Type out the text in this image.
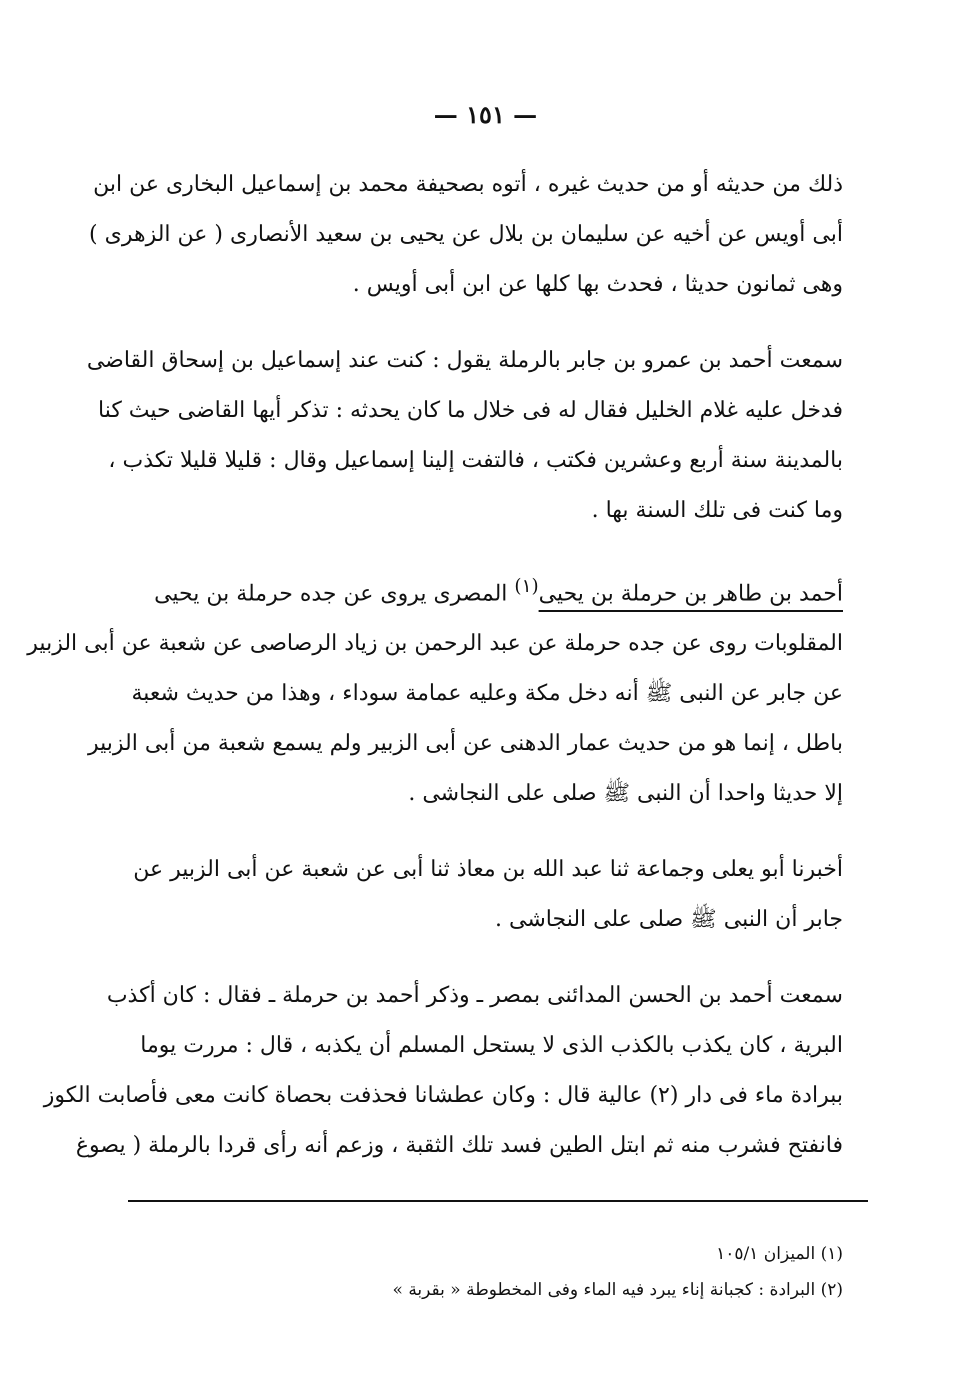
— ١٥١ —

ذلك من حديثه أو من حديث غيره ، أتوه بصحيفة محمد بن إسماعيل البخارى عن ابن
أبى أويس عن أخيه عن سليمان بن بلال عن يحيى بن سعيد الأنصارى ( عن الزهرى )
وهى ثمانون حديثا ، فحدث بها كلها عن ابن أبى أويس .

سمعت أحمد بن عمرو بن جابر بالرملة يقول : كنت عند إسماعيل بن إسحاق القاضى
فدخل عليه غلام الخليل فقال له فى خلال ما كان يحدثه : تذكر أيها القاضى حيث كنا
بالمدينة سنة أربع وعشرين فكتب ، فالتفت إلينا إسماعيل وقال : قليلا قليلا تكذب ،
وما كنت فى تلك السنة بها .

أحمد بن طاهر بن حرملة بن يحيى$^{(١)}$ المصرى يروى عن جده حرملة بن يحيى
المقلوبات روى عن جده حرملة عن عبد الرحمن بن زياد الرصاصى عن شعبة عن أبى الزبير
عن جابر عن النبى ﷺ أنه دخل مكة وعليه عمامة سوداء ، وهذا من حديث شعبة
باطل ، إنما هو من حديث عمار الدهنى عن أبى الزبير ولم يسمع شعبة من أبى الزبير
إلا حديثا واحدا أن النبى ﷺ صلى على النجاشى .

أخبرنا أبو يعلى وجماعة ثنا عبد الله بن معاذ ثنا أبى عن شعبة عن أبى الزبير عن
جابر أن النبى ﷺ صلى على النجاشى .

سمعت أحمد بن الحسن المدائنى بمصر ـ وذكر أحمد بن حرملة ـ فقال : كان أكذب
البرية ، كان يكذب بالكذب الذى لا يستحل المسلم أن يكذبه ، قال : مررت يوما
ببرادة ماء فى دار (٢) عالية قال : وكان عطشانا فحذفت بحصاة كانت معى فأصابت الكوز
فانفتح فشرب منه ثم ابتل الطين فسد تلك الثقبة ، وزعم أنه رأى قردا بالرملة ( يصوغ

(١) الميزان ١٠٥/١
(٢) البرادة : كجبانة إناء يبرد فيه الماء وفى المخطوطة « بقربة »
